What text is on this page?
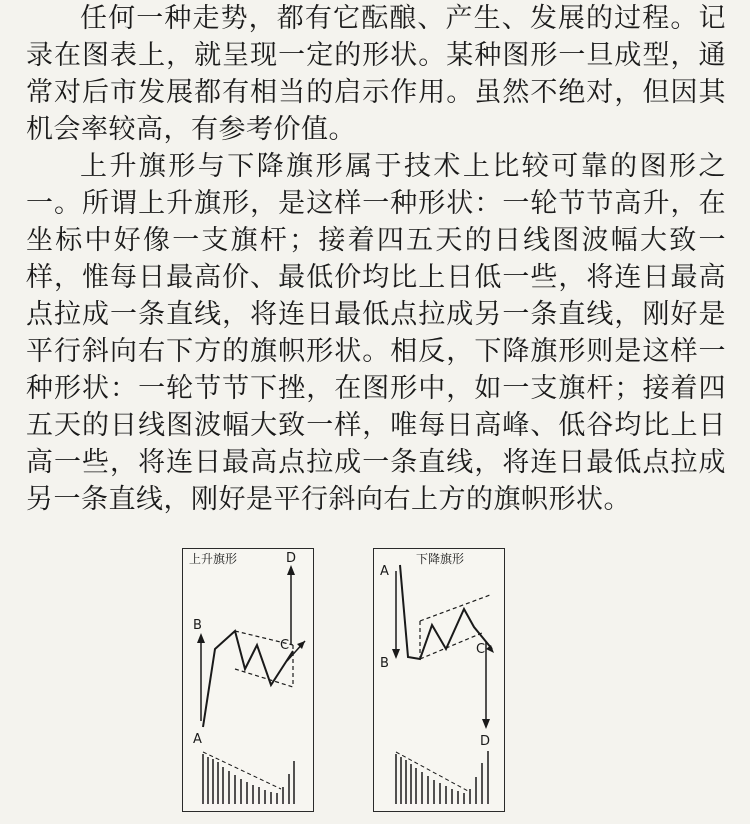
任何一种走势，都有它酝酿、产生、发展的过程。记录在图表上，就呈现一定的形状。某种图形一旦成型，通常对后市发展都有相当的启示作用。虽然不绝对，但因其机会率较高，有参考价值。

上升旗形与下降旗形属于技术上比较可靠的图形之一。所谓上升旗形，是这样一种形状：一轮节节高升，在坐标中好像一支旗杆；接着四五天的日线图波幅大致一样，惟每日最高价、最低价均比上日低一些，将连日最高点拉成一条直线，将连日最低点拉成另一条直线，刚好是平行斜向右下方的旗帜形状。相反，下降旗形则是这样一种形状：一轮节节下挫，在图形中，如一支旗杆；接着四五天的日线图波幅大致一样，唯每日高峰、低谷均比上日高一些，将连日最高点拉成一条直线，将连日最低点拉成另一条直线，刚好是平行斜向右上方的旗帜形状。

A
B
C
D
上升旗形
A
B
C
D
下降旗形
